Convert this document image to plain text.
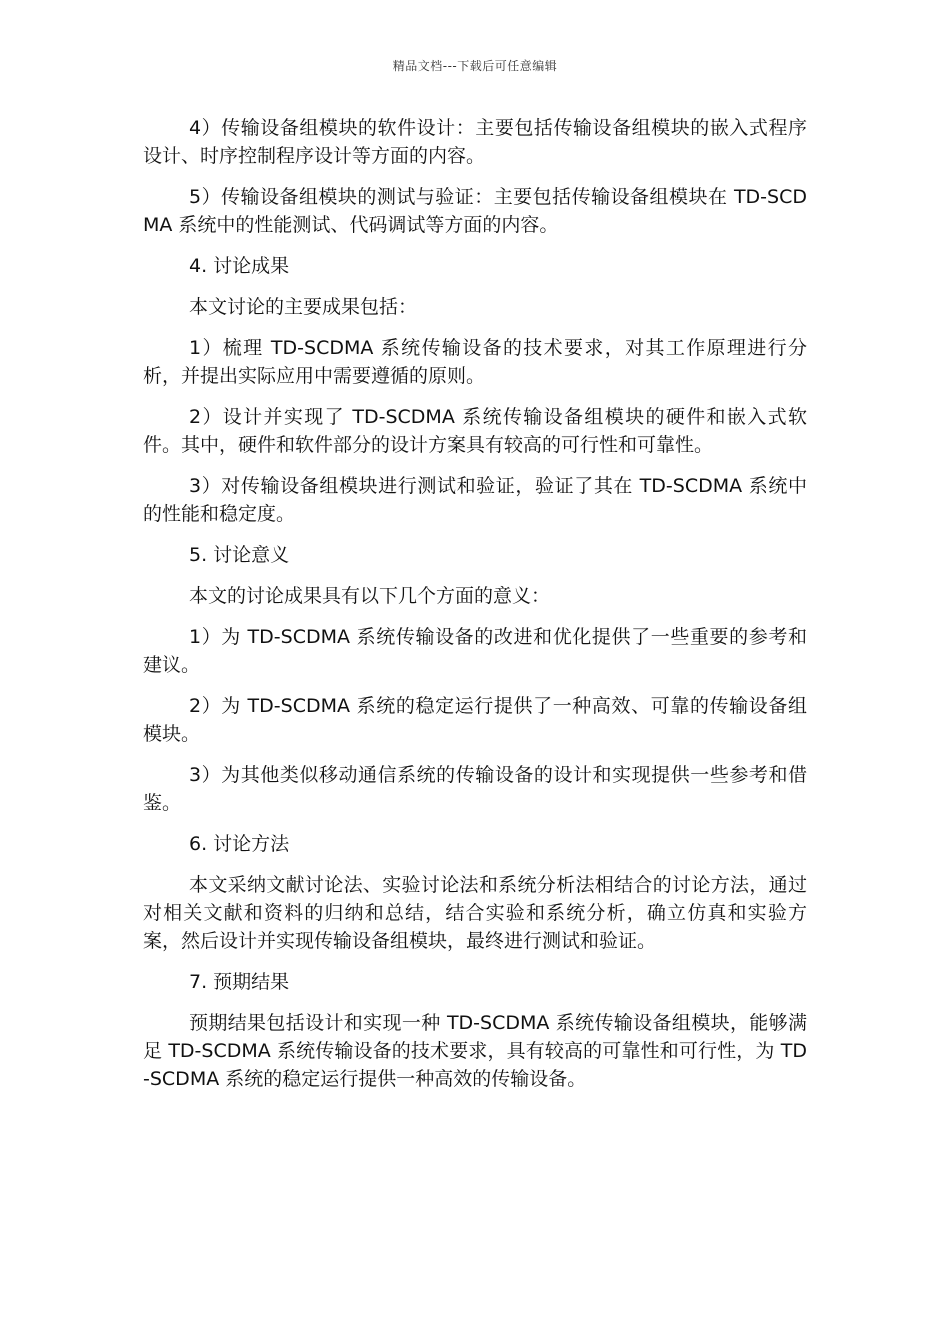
精品文档---下载后可任意编辑

4）传输设备组模块的软件设计：主要包括传输设备组模块的嵌入式程序设计、时序控制程序设计等方面的内容。

5）传输设备组模块的测试与验证：主要包括传输设备组模块在 TD-SCDMA 系统中的性能测试、代码调试等方面的内容。

4. 讨论成果

本文讨论的主要成果包括：

1）梳理 TD-SCDMA 系统传输设备的技术要求，对其工作原理进行分析，并提出实际应用中需要遵循的原则。

2）设计并实现了 TD-SCDMA 系统传输设备组模块的硬件和嵌入式软件。其中，硬件和软件部分的设计方案具有较高的可行性和可靠性。

3）对传输设备组模块进行测试和验证，验证了其在 TD-SCDMA 系统中的性能和稳定度。

5. 讨论意义

本文的讨论成果具有以下几个方面的意义：

1）为 TD-SCDMA 系统传输设备的改进和优化提供了一些重要的参考和建议。

2）为 TD-SCDMA 系统的稳定运行提供了一种高效、可靠的传输设备组模块。

3）为其他类似移动通信系统的传输设备的设计和实现提供一些参考和借鉴。

6. 讨论方法

本文采纳文献讨论法、实验讨论法和系统分析法相结合的讨论方法，通过对相关文献和资料的归纳和总结，结合实验和系统分析，确立仿真和实验方案，然后设计并实现传输设备组模块，最终进行测试和验证。

7. 预期结果

预期结果包括设计和实现一种 TD-SCDMA 系统传输设备组模块，能够满足 TD-SCDMA 系统传输设备的技术要求，具有较高的可靠性和可行性，为 TD-SCDMA 系统的稳定运行提供一种高效的传输设备。
